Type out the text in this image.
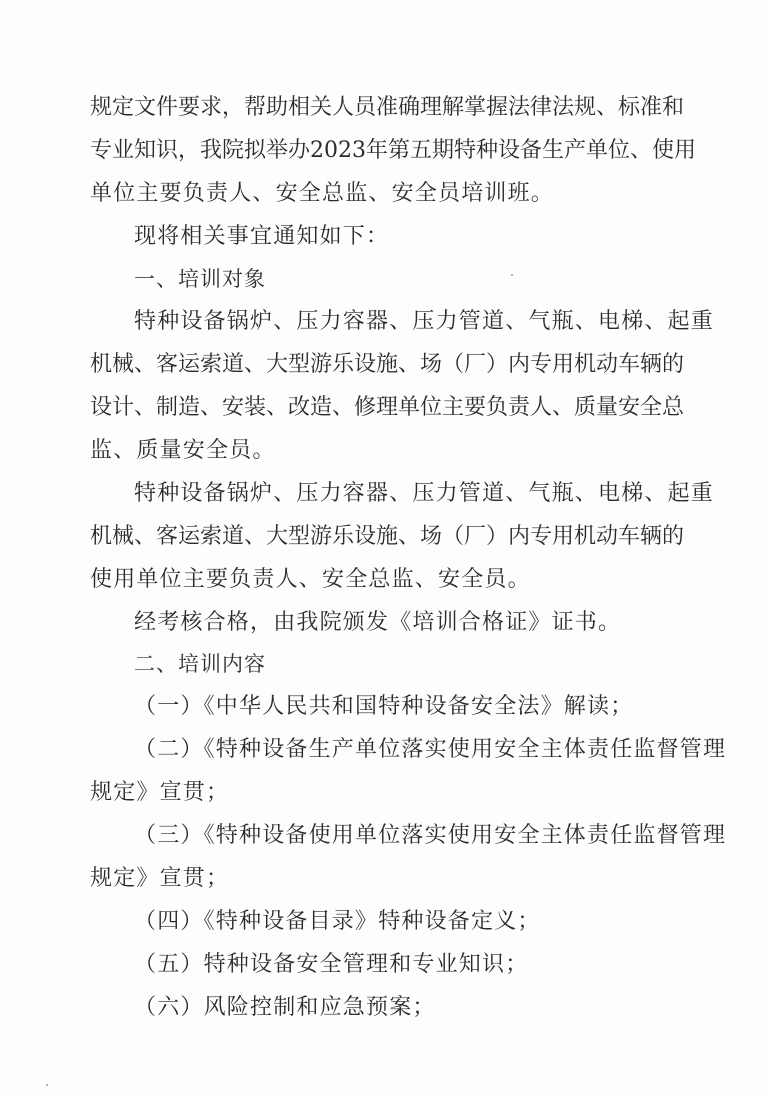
规定文件要求，帮助相关人员准确理解掌握法律法规、标准和
专业知识，我院拟举办2023年第五期特种设备生产单位、使用
单位主要负责人、安全总监、安全员培训班。
现将相关事宜通知如下：
一、培训对象
特种设备锅炉、压力容器、压力管道、气瓶、电梯、起重
机械、客运索道、大型游乐设施、场（厂）内专用机动车辆的
设计、制造、安装、改造、修理单位主要负责人、质量安全总
监、质量安全员。
特种设备锅炉、压力容器、压力管道、气瓶、电梯、起重
机械、客运索道、大型游乐设施、场（厂）内专用机动车辆的
使用单位主要负责人、安全总监、安全员。
经考核合格，由我院颁发《培训合格证》证书。
二、培训内容
（一）《中华人民共和国特种设备安全法》解读；
（二）《特种设备生产单位落实使用安全主体责任监督管理
规定》宣贯；
（三）《特种设备使用单位落实使用安全主体责任监督管理
规定》宣贯；
（四）《特种设备目录》特种设备定义；
（五）特种设备安全管理和专业知识；
（六）风险控制和应急预案；
